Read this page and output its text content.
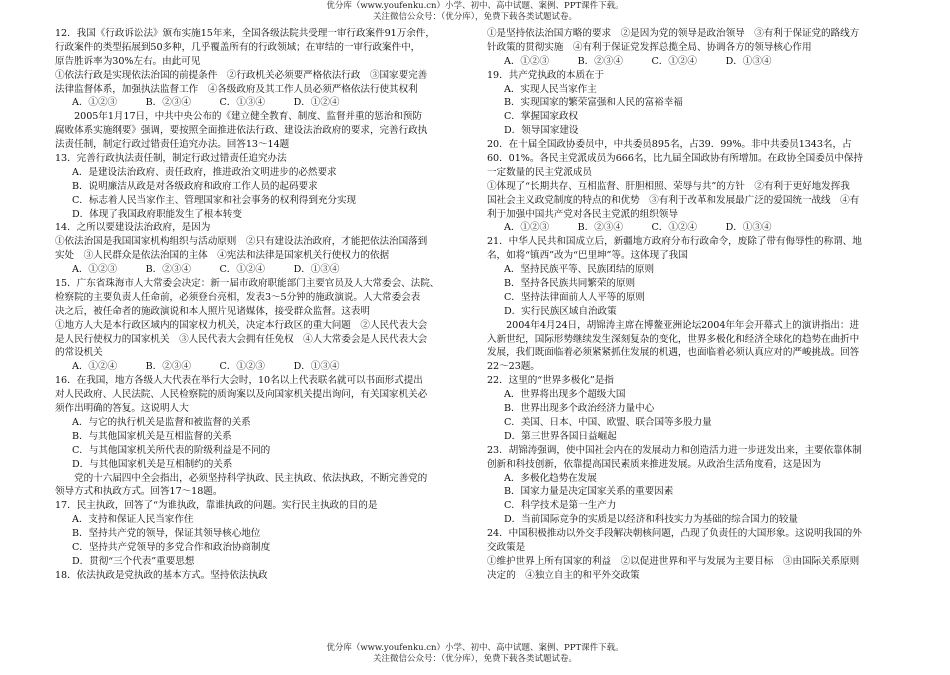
优分库（www.youfenku.cn）小学、初中、高中试题、案例、PPT课件下载。
关注微信公众号：（优分库），免费下载各类试题试卷。
12．我国《行政诉讼法》颁布实施15年来，全国各级法院共受理一审行政案件91万余件，
行政案件的类型拓展到50多种，几乎覆盖所有的行政领域；在审结的一审行政案件中，
原告胜诉率为30%左右。由此可见
①依法行政是实现依法治国的前提条件　②行政机关必须要严格依法行政　③国家要完善
法律监督体系，加强执法监督工作　④各级政府及其工作人员必须严格依法行使其权利
A．①②③　　　B．②③④　　　C．①③④　　　D．①②④
　　2005年1月17日，中共中央公布的《建立健全教育、制度、监督并重的惩治和预防
腐败体系实施纲要》强调，要按照全面推进依法行政、建设法治政府的要求，完善行政执
法责任制，制定行政过错责任追究办法。回答13～14题
13．完善行政执法责任制，制定行政过错责任追究办法
A．是建设法治政府、责任政府，推进政治文明进步的必然要求
B．说明廉洁从政是对各级政府和政府工作人员的起码要求
C．标志着人民当家作主、管理国家和社会事务的权利得到充分实现
D．体现了我国政府职能发生了根本转变
14．之所以要建设法治政府，是因为
①依法治国是我国国家机构组织与活动原则　②只有建设法治政府，才能把依法治国落到
实处　③人民群众是依法治国的主体　④宪法和法律是国家机关行使权力的依据
A．①②③　　　B．②③④　　　C．①②④　　　D．①③④
15．广东省珠海市人大常委会决定：新一届市政府职能部门主要官员及人大常委会、法院、
检察院的主要负责人任命前，必须登台亮相，发表3～5分钟的施政演说。人大常委会表
决之后，被任命者的施政演说和本人照片见诸媒体，接受群众监督。这表明
①地方人大是本行政区域内的国家权力机关，决定本行政区的重大问题　②人民代表大会
是人民行使权力的国家机关　③人民代表大会拥有任免权　④人大常委会是人民代表大会
的常设机关
A．①②④　　　B．②③④　　　C．①②③　　　D．①③④
16．在我国，地方各级人大代表在举行大会时，10名以上代表联名就可以书面形式提出
对人民政府、人民法院、人民检察院的质询案以及向国家机关提出询问，有关国家机关必
须作出明确的答复。这说明人大
A．与它的执行机关是监督和被监督的关系
B．与其他国家机关是互相监督的关系
C．与其他国家机关所代表的阶级利益是不同的
D．与其他国家机关是互相制约的关系
　　党的十六届四中全会指出，必须坚持科学执政、民主执政、依法执政，不断完善党的
领导方式和执政方式。回答17～18题。
17．民主执政，回答了“为谁执政，靠谁执政的问题。实行民主执政的目的是
A．支持和保证人民当家作住
B．坚持共产党的领导，保证其领导核心地位
C．坚持共产党领导的多党合作和政治协商制度
D．贯彻“三个代表”重要思想
18．依法执政是党执政的基本方式。坚持依法执政
①是坚持依法治国方略的要求　②是因为党的领导是政治领导　③有利于保证党的路线方
针政策的贯彻实施　④有利于保证党发挥总揽全局、协调各方的领导核心作用
A．①②③　　　B．②③④　　　C．①②④　　　D．①③④
19．共产党执政的本质在于
A．实现人民当家作主
B．实现国家的繁荣富强和人民的富裕幸福
C．掌握国家政权
D．领导国家建设
20．在十届全国政协委员中，中共委员895名，占39．99%。非中共委员1343名，占
60．01%。各民主党派成员为666名，比九届全国政协有所增加。在政协全国委员中保持
一定数量的民主党派成员
①体现了“长期共存、互相监督、肝胆相照、荣辱与共”的方针　②有利于更好地发挥我
国社会主义政党制度的特点的和优势　③有利于改革和发展最广泛的爱国统一战线　④有
利于加强中国共产党对各民主党派的组织领导
A．①②③　　　B．②③④　　　C．①②④　　　D．①③④
21．中华人民共和国成立后，新疆地方政府分布行政命令，废除了带有侮辱性的称谓、地
名，如将“镇西”改为“巴里坤”等。这体现了我国
A．坚持民族平等、民族团结的原则
B．坚持各民族共同繁荣的原则
C．坚持法律面前人人平等的原则
D．实行民族区域自治政策
　　2004年4月24日，胡锦涛主席在博鳌亚洲论坛2004年年会开幕式上的演讲指出：进
入新世纪，国际形势继续发生深刻复杂的变化，世界多极化和经济全球化的趋势在曲折中
发展，我们既面临着必须紧紧抓住发展的机遇，也面临着必须认真应对的严峻挑战。回答
22～23题。
22．这里的“世界多极化”是指
A．世界将出现多个超级大国
B．世界出现多个政治经济力量中心
C．美国、日本、中国、欧盟、联合国等多股力量
D．第三世界各国日益崛起
23．胡锦涛强调，使中国社会内在的发展动力和创造活力进一步迸发出来，主要依靠体制
创新和科技创新，依靠提高国民素质来推进发展。从政治生活角度看，这是因为
A．多极化趋势在发展
B．国家力量是决定国家关系的重要因素
C．科学技术是第一生产力
D．当前国际竞争的实质是以经济和科技实力为基础的综合国力的较量
24．中国积极推动以外交手段解决朝核问题，凸现了负责任的大国形象。这说明我国的外
交政策是
①维护世界上所有国家的利益　②以促进世界和平与发展为主要目标　③由国际关系原则
决定的　④独立自主的和平外交政策
优分库（www.youfenku.cn）小学、初中、高中试题、案例、PPT课件下载。
关注微信公众号：（优分库），免费下载各类试题试卷。
